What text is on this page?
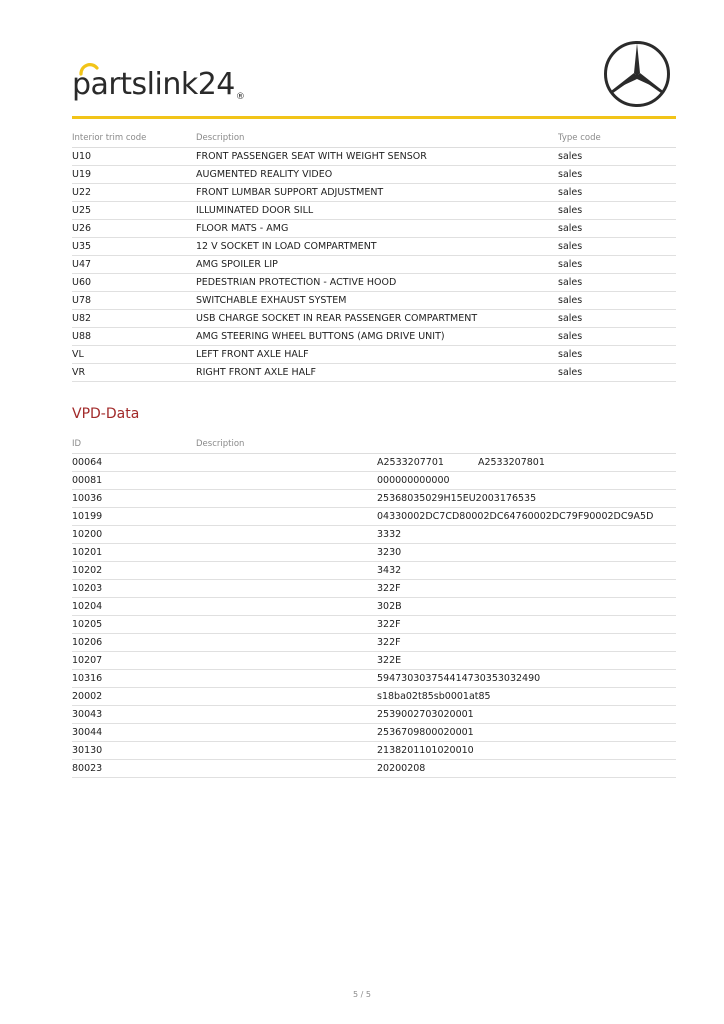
partslink24 ®
Interior trim code	Description	Type code
U10	FRONT PASSENGER SEAT WITH WEIGHT SENSOR	sales
U19	AUGMENTED REALITY VIDEO	sales
U22	FRONT LUMBAR SUPPORT ADJUSTMENT	sales
U25	ILLUMINATED DOOR SILL	sales
U26	FLOOR MATS - AMG	sales
U35	12 V SOCKET IN LOAD COMPARTMENT	sales
U47	AMG SPOILER LIP	sales
U60	PEDESTRIAN PROTECTION - ACTIVE HOOD	sales
U78	SWITCHABLE EXHAUST SYSTEM	sales
U82	USB CHARGE SOCKET IN REAR PASSENGER COMPARTMENT	sales
U88	AMG STEERING WHEEL BUTTONS (AMG DRIVE UNIT)	sales
VL	LEFT FRONT AXLE HALF	sales
VR	RIGHT FRONT AXLE HALF	sales
VPD-Data
ID	Description
00064	A2533207701	A2533207801
00081	000000000000
10036	25368035029H15EU2003176535
10199	04330002DC7CD80002DC64760002DC79F90002DC9A5D
10200	3332
10201	3230
10202	3432
10203	322F
10204	302B
10205	322F
10206	322F
10207	322E
10316	594730303754414730353032490
20002	s18ba02t85sb0001at85
30043	2539002703020001
30044	2536709800020001
30130	2138201101020010
80023	20200208
5 / 5
